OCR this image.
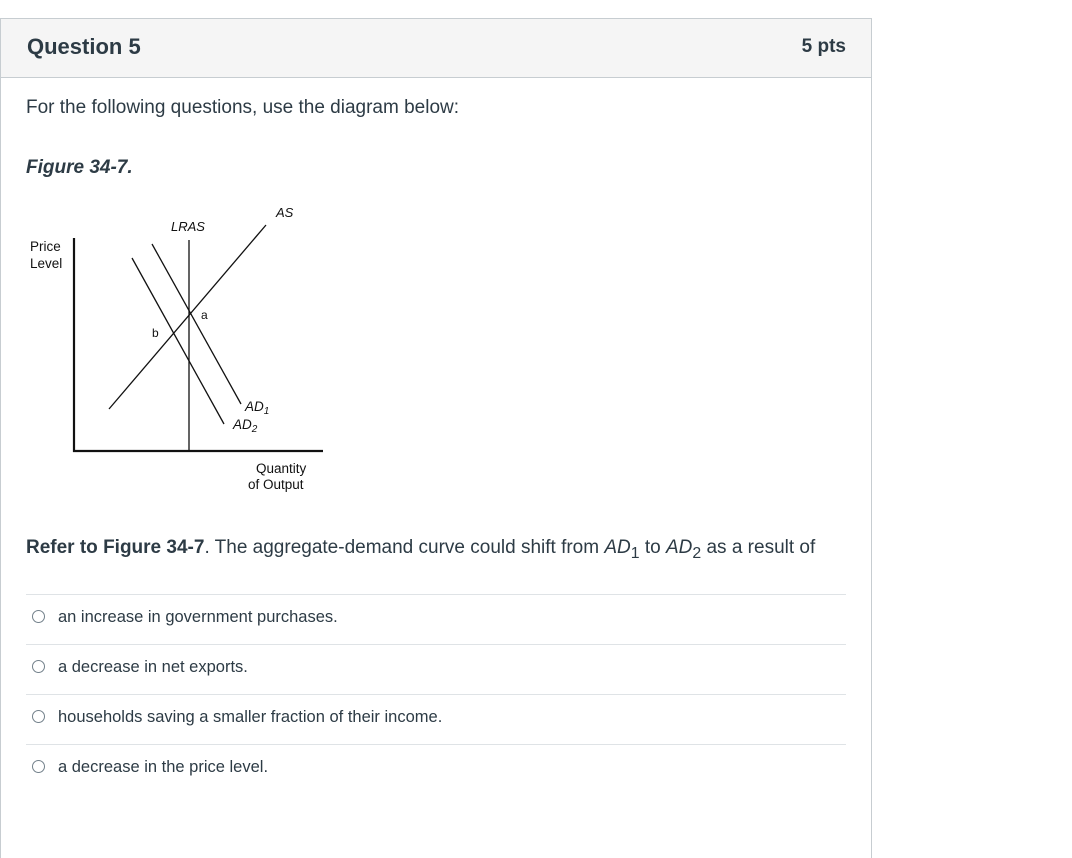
Question 5	5 pts
For the following questions, use the diagram below:
Figure 34-7.
Price
Level
LRAS
AS
a
b
$AD_1$
$AD_2$
Quantity
of Output
Refer to Figure 34-7. The aggregate-demand curve could shift from $AD_1$ to $AD_2$ as a result of
an increase in government purchases.
a decrease in net exports.
households saving a smaller fraction of their income.
a decrease in the price level.
